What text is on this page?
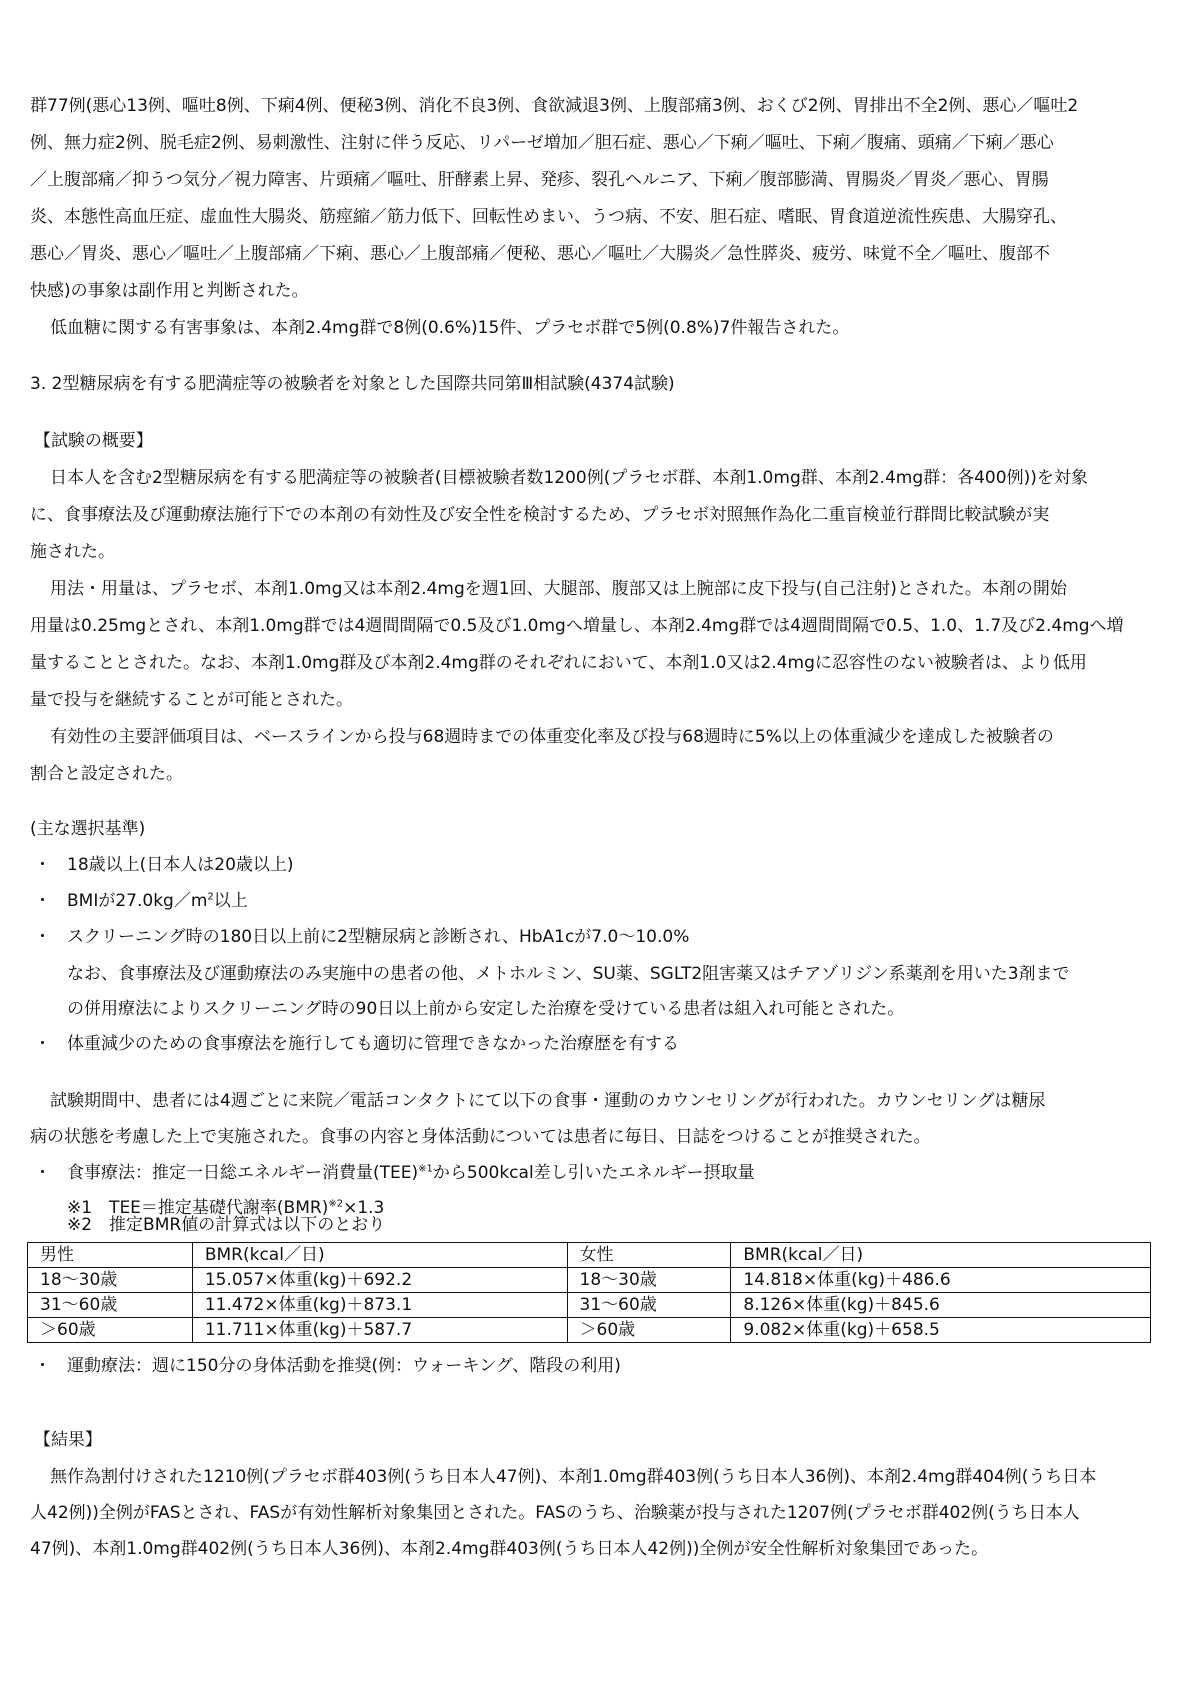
群77例(悪心13例、嘔吐8例、下痢4例、便秘3例、消化不良3例、食欲減退3例、上腹部痛3例、おくび2例、胃排出不全2例、悪心／嘔吐2
例、無力症2例、脱毛症2例、易刺激性、注射に伴う反応、リパーゼ増加／胆石症、悪心／下痢／嘔吐、下痢／腹痛、頭痛／下痢／悪心
／上腹部痛／抑うつ気分／視力障害、片頭痛／嘔吐、肝酵素上昇、発疹、裂孔ヘルニア、下痢／腹部膨満、胃腸炎／胃炎／悪心、胃腸
炎、本態性高血圧症、虚血性大腸炎、筋痙縮／筋力低下、回転性めまい、うつ病、不安、胆石症、嗜眠、胃食道逆流性疾患、大腸穿孔、
悪心／胃炎、悪心／嘔吐／上腹部痛／下痢、悪心／上腹部痛／便秘、悪心／嘔吐／大腸炎／急性膵炎、疲労、味覚不全／嘔吐、腹部不
快感)の事象は副作用と判断された。
低血糖に関する有害事象は、本剤2.4mg群で8例(0.6%)15件、プラセボ群で5例(0.8%)7件報告された。
3. 2型糖尿病を有する肥満症等の被験者を対象とした国際共同第Ⅲ相試験(4374試験)
【試験の概要】
日本人を含む2型糖尿病を有する肥満症等の被験者(目標被験者数1200例(プラセボ群、本剤1.0mg群、本剤2.4mg群：各400例))を対象
に、食事療法及び運動療法施行下での本剤の有効性及び安全性を検討するため、プラセボ対照無作為化二重盲検並行群間比較試験が実
施された。
用法・用量は、プラセボ、本剤1.0mg又は本剤2.4mgを週1回、大腿部、腹部又は上腕部に皮下投与(自己注射)とされた。本剤の開始
用量は0.25mgとされ、本剤1.0mg群では4週間間隔で0.5及び1.0mgへ増量し、本剤2.4mg群では4週間間隔で0.5、1.0、1.7及び2.4mgへ増
量することとされた。なお、本剤1.0mg群及び本剤2.4mg群のそれぞれにおいて、本剤1.0又は2.4mgに忍容性のない被験者は、より低用
量で投与を継続することが可能とされた。
有効性の主要評価項目は、ベースラインから投与68週時までの体重変化率及び投与68週時に5%以上の体重減少を達成した被験者の
割合と設定された。
(主な選択基準)
・ 18歳以上(日本人は20歳以上)
・ BMIが$27.0kg/m^2$以上
・ スクリーニング時の180日以上前に2型糖尿病と診断され、HbA1cが7.0～10.0%
なお、食事療法及び運動療法のみ実施中の患者の他、メトホルミン、SU薬、SGLT2阻害薬又はチアゾリジン系薬剤を用いた3剤まで
の併用療法によりスクリーニング時の90日以上前から安定した治療を受けている患者は組入れ可能とされた。
・ 体重減少のための食事療法を施行しても適切に管理できなかった治療歴を有する
試験期間中、患者には4週ごとに来院／電話コンタクトにて以下の食事・運動のカウンセリングが行われた。カウンセリングは糖尿
病の状態を考慮した上で実施された。食事の内容と身体活動については患者に毎日、日誌をつけることが推奨された。
・ 食事療法：推定一日総エネルギー消費量(TEE)$^{※1}$から500kcal差し引いたエネルギー摂取量
※1　TEE＝推定基礎代謝率(BMR)$^{※2}$×1.3
※2　推定BMR値の計算式は以下のとおり
男性	BMR(kcal／日)	女性	BMR(kcal／日)
18～30歳	15.057×体重(kg)＋692.2	18～30歳	14.818×体重(kg)＋486.6
31～60歳	11.472×体重(kg)＋873.1	31～60歳	8.126×体重(kg)＋845.6
＞60歳	11.711×体重(kg)＋587.7	＞60歳	9.082×体重(kg)＋658.5
・ 運動療法：週に150分の身体活動を推奨(例：ウォーキング、階段の利用)
【結果】
無作為割付けされた1210例(プラセボ群403例(うち日本人47例)、本剤1.0mg群403例(うち日本人36例)、本剤2.4mg群404例(うち日本
人42例))全例がFASとされ、FASが有効性解析対象集団とされた。FASのうち、治験薬が投与された1207例(プラセボ群402例(うち日本人
47例)、本剤1.0mg群402例(うち日本人36例)、本剤2.4mg群403例(うち日本人42例))全例が安全性解析対象集団であった。
